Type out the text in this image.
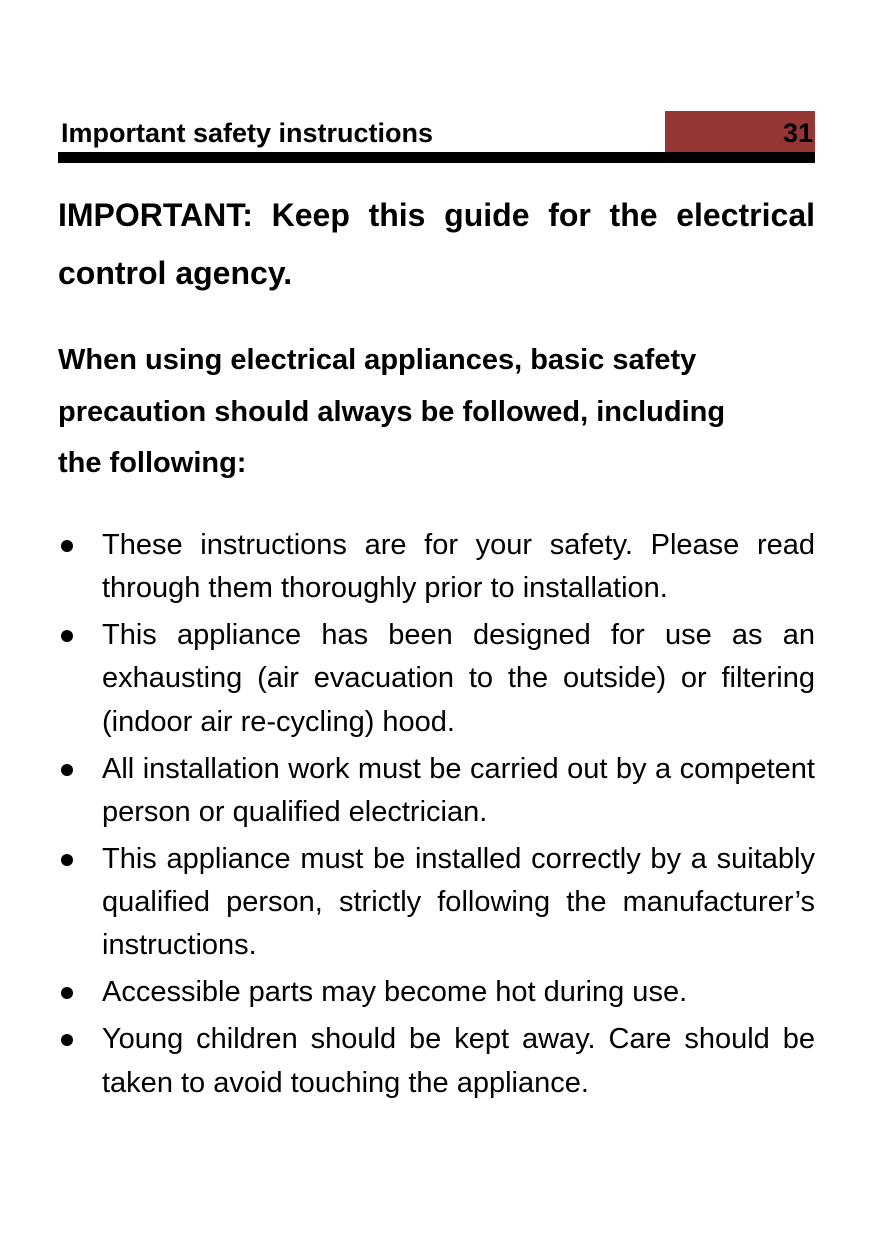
Important safety instructions	31
IMPORTANT: Keep this guide for the electrical control agency.
When using electrical appliances, basic safety
precaution should always be followed, including
the following:
These instructions are for your safety. Please read through them thoroughly prior to installation.
This appliance has been designed for use as an exhausting (air evacuation to the outside) or filtering (indoor air re-cycling) hood.
All installation work must be carried out by a competent person or qualified electrician.
This appliance must be installed correctly by a suitably qualified person, strictly following the manufacturer’s instructions.
Accessible parts may become hot during use.
Young children should be kept away. Care should be taken to avoid touching the appliance.
